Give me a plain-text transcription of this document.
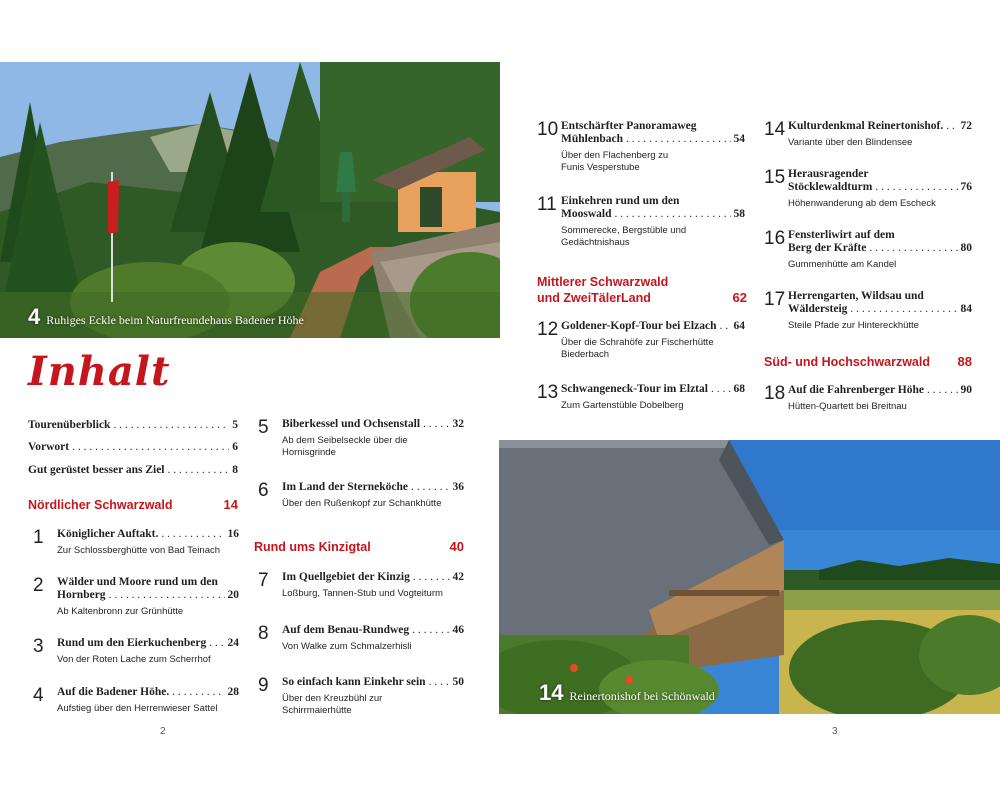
4 Ruhiges Eckle beim Naturfreundehaus Badener Höhe
Inhalt
Tourenüberblick . . .	5
Vorwort . . .	6
Gut gerüstet besser ans Ziel . . .	8
Nördlicher Schwarzwald	14
1 Königlicher Auftakt. . . .	16
Zur Schlossberghütte von Bad Teinach
2 Wälder und Moore rund um den
Hornberg . . .	20
Ab Kaltenbronn zur Grünhütte
3 Rund um den Eierkuchenberg . . . 24
Von der Roten Lache zum Scherrhof
4 Auf die Badener Höhe. . . .	28
Aufstieg über den Herrenwieser Sattel
5 Biberkessel und Ochsenstall . . .	32
Ab dem Seibelseckle über die
Hornisgrinde
6 Im Land der Sterneköche . . .	36
Über den Rußenkopf zur Schankhütte
Rund ums Kinzigtal	40
7 Im Quellgebiet der Kinzig . . .	42
Loßburg, Tannen-Stub und Vogteiturm
8 Auf dem Benau-Rundweg . . .	46
Von Walke zum Schmalzerhisli
9 So einfach kann Einkehr sein . . . 50
Über den Kreuzbühl zur
Schirrmaierhütte
10 Entschärfter Panoramaweg
Mühlenbach . . .	54
Über den Flachenberg zu
Funis Vesperstube
11 Einkehren rund um den
Mooswald . . .	58
Sommerecke, Bergstüble und
Gedächtnishaus
Mittlerer Schwarzwald
und ZweiTälerLand	62
12 Goldener-Kopf-Tour bei Elzach . . . 64
Über die Schrahöfe zur Fischerhütte
Biederbach
13 Schwangeneck-Tour im Elztal . . . 68
Zum Gartenstüble Dobelberg
14 Kulturdenkmal Reinertonishof. . . . 72
Variante über den Blindensee
15 Herausragender
Stöcklewaldturm . . .	76
Höhenwanderung ab dem Escheck
16 Fensterliwirt auf dem
Berg der Kräfte . . .	80
Gummenhütte am Kandel
17 Herrengarten, Wildsau und
Wäldersteig . . .	84
Steile Pfade zur Hintereckhütte
Süd- und Hochschwarzwald 88
18 Auf die Fahrenberger Höhe . . .	90
Hütten-Quartett bei Breitnau
14 Reinertonishof bei Schönwald
2	3
